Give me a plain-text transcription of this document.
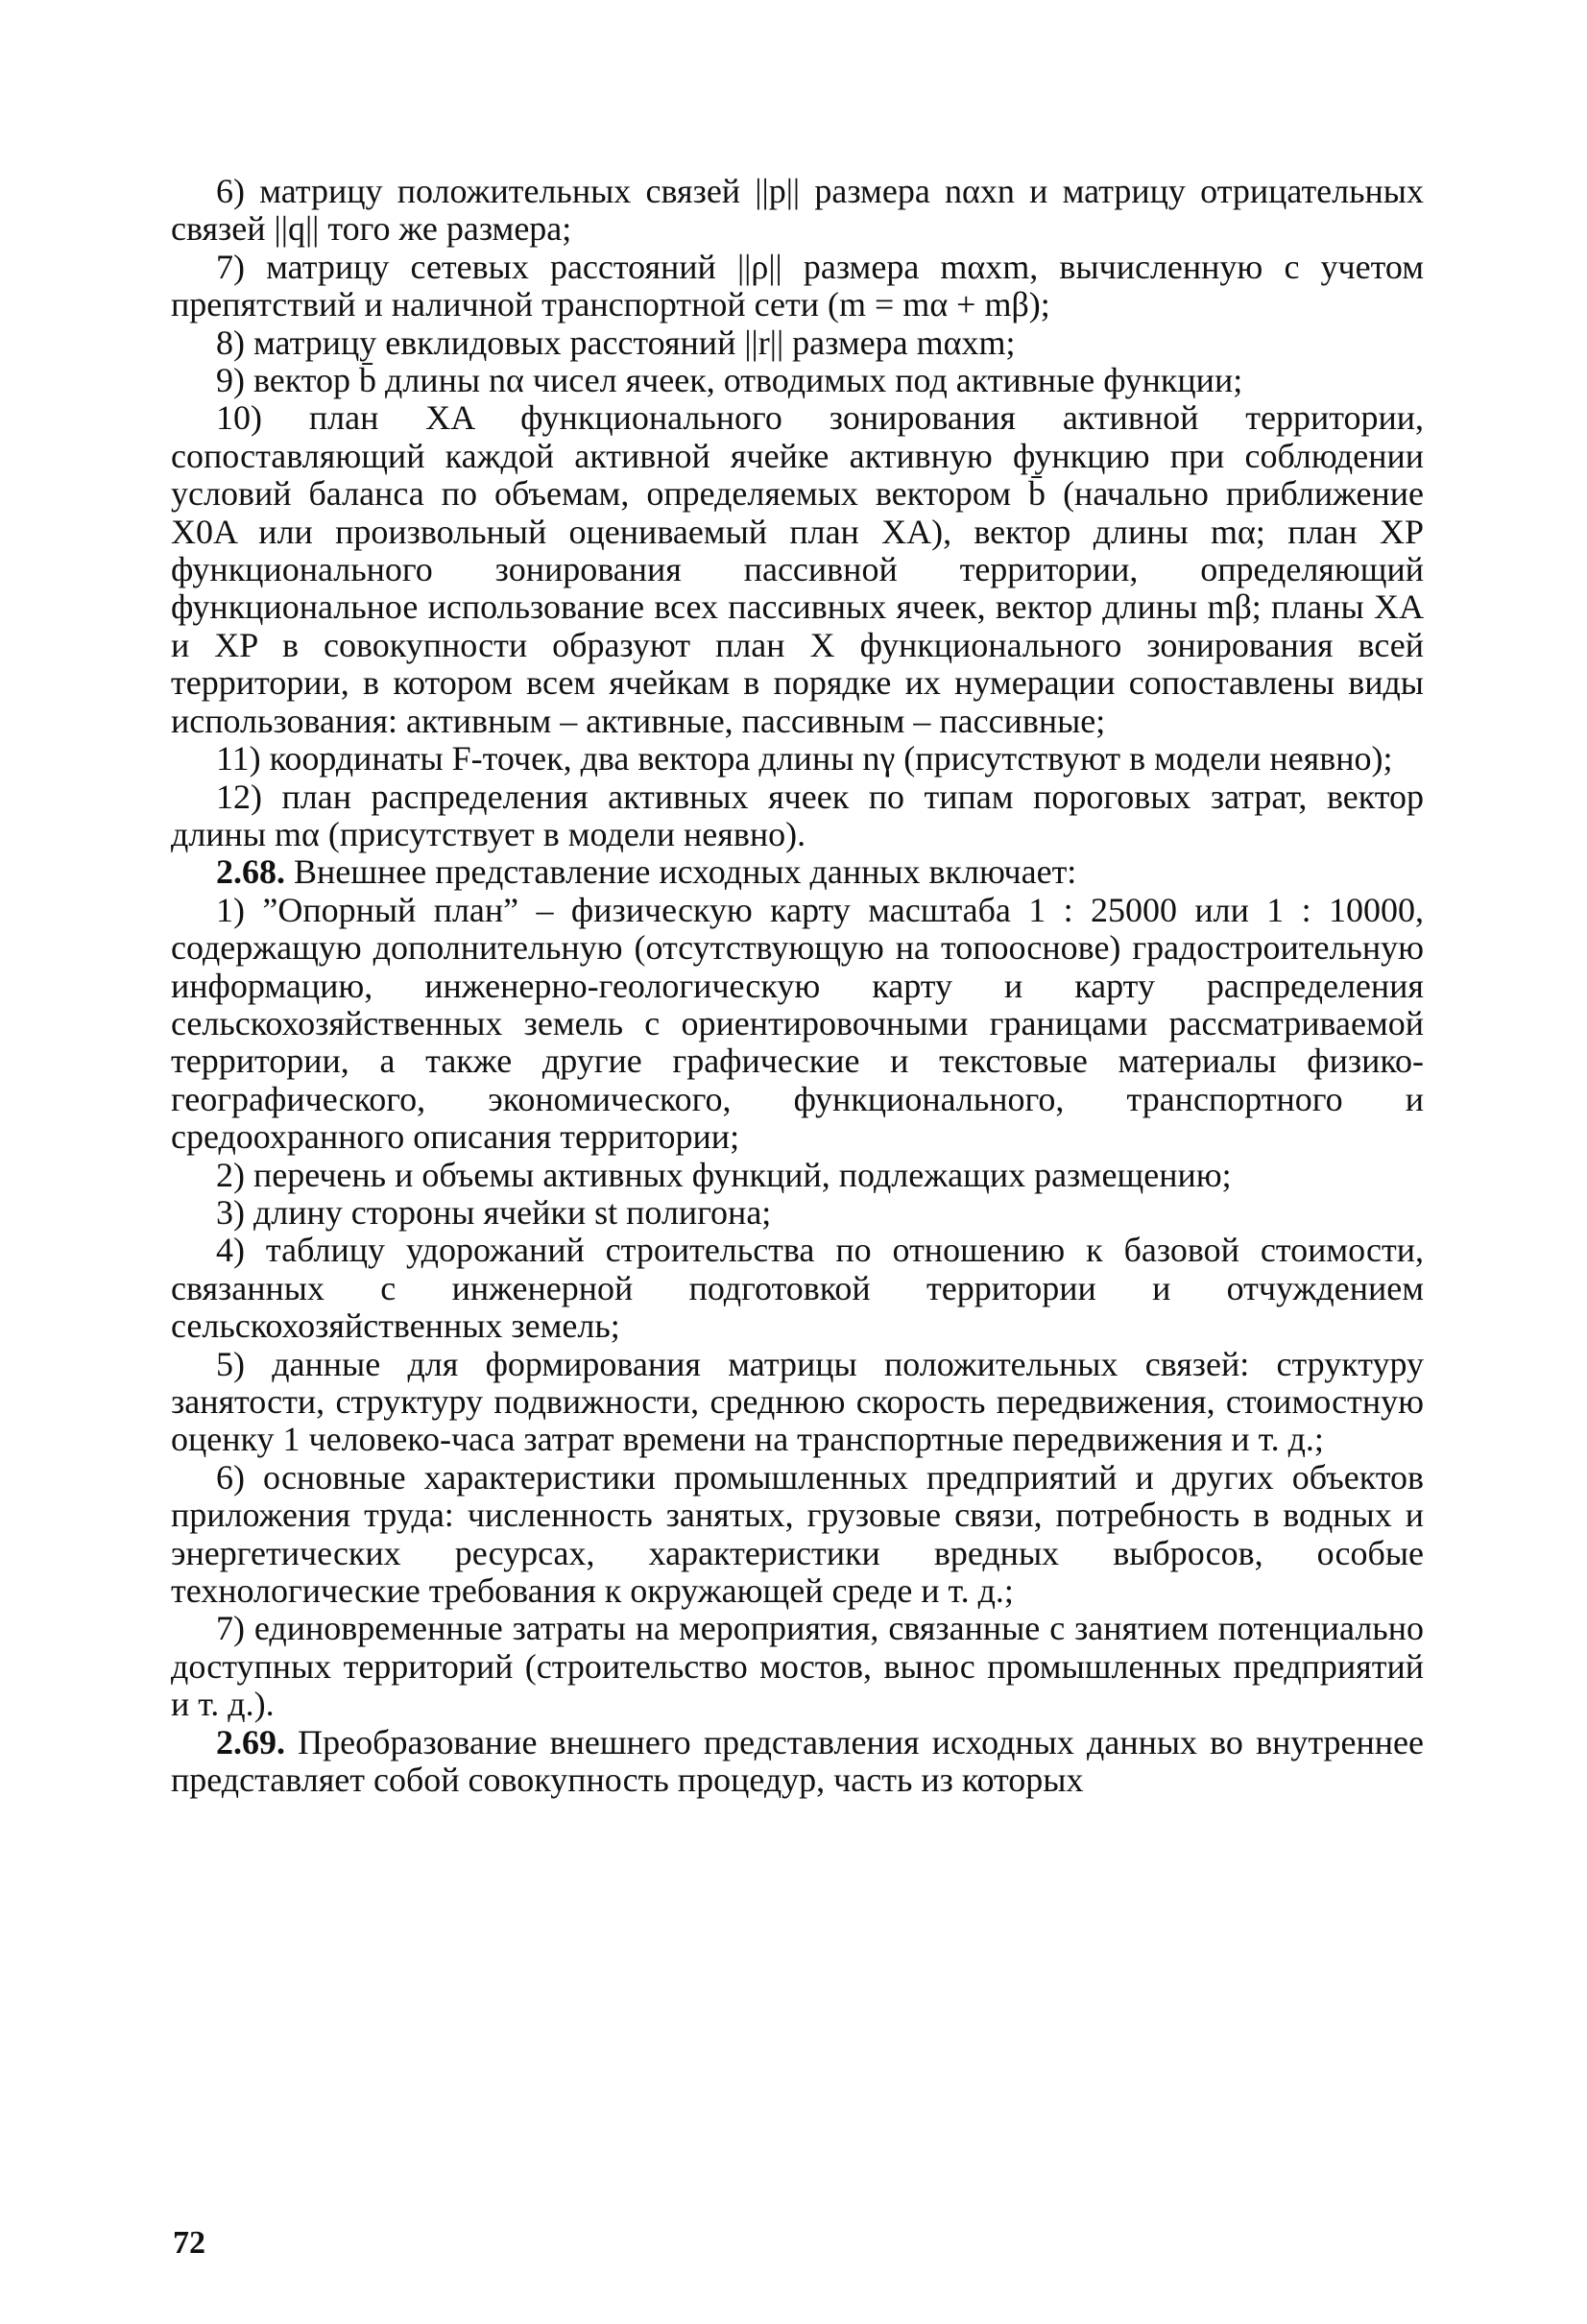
6) матрицу положительных связей ||p|| размера nαxn и матрицу отрицательных связей ||q|| того же размера;

7) матрицу сетевых расстояний ||ρ|| размера mαxm, вычисленную с учетом препятствий и наличной транспортной сети (m = mα + mβ);

8) матрицу евклидовых расстояний ||r|| размера mαxm;

9) вектор b̄ длины nα чисел ячеек, отводимых под активные функции;

10) план XA функционального зонирования активной территории, сопоставляющий каждой активной ячейке активную функцию при соблюдении условий баланса по объемам, определяемых вектором b̄ (начально приближение X0A или произвольный оцениваемый план XA), вектор длины mα; план XP функционального зонирования пассивной территории, определяющий функциональное использование всех пассивных ячеек, вектор длины mβ; планы XA и XP в совокупности образуют план X функционального зонирования всей территории, в котором всем ячейкам в порядке их нумерации сопоставлены виды использования: активным – активные, пассивным – пассивные;

11) координаты F-точек, два вектора длины nγ (присутствуют в модели неявно);

12) план распределения активных ячеек по типам пороговых затрат, вектор длины mα (присутствует в модели неявно).

2.68. Внешнее представление исходных данных включает:

1) ”Опорный план” – физическую карту масштаба 1 : 25000 или 1 : 10000, содержащую дополнительную (отсутствующую на топооснове) градостроительную информацию, инженерно-геологическую карту и карту распределения сельскохозяйственных земель с ориентировочными границами рассматриваемой территории, а также другие графические и текстовые материалы физико-географического, экономического, функционального, транспортного и средоохранного описания территории;

2) перечень и объемы активных функций, подлежащих размещению;

3) длину стороны ячейки st полигона;

4) таблицу удорожаний строительства по отношению к базовой стоимости, связанных с инженерной подготовкой территории и отчуждением сельскохозяйственных земель;

5) данные для формирования матрицы положительных связей: структуру занятости, структуру подвижности, среднюю скорость передвижения, стоимостную оценку 1 человеко-часа затрат времени на транспортные передвижения и т. д.;

6) основные характеристики промышленных предприятий и других объектов приложения труда: численность занятых, грузовые связи, потребность в водных и энергетических ресурсах, характеристики вредных выбросов, особые технологические требования к окружающей среде и т. д.;

7) единовременные затраты на мероприятия, связанные с занятием потенциально доступных территорий (строительство мостов, вынос промышленных предприятий и т. д.).

2.69. Преобразование внешнего представления исходных данных во внутреннее представляет собой совокупность процедур, часть из которых

72
